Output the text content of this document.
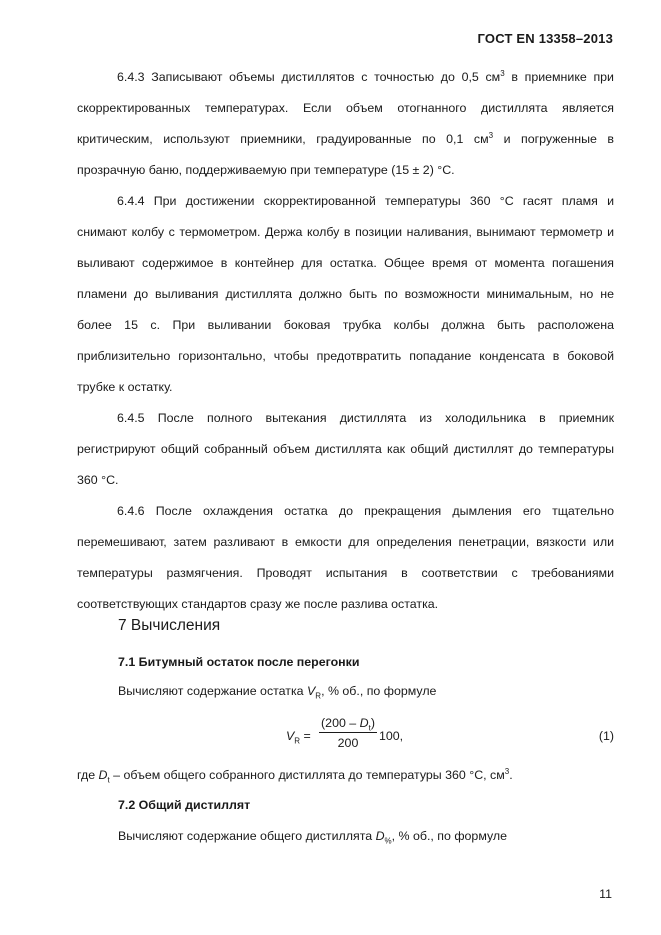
ГОСТ EN 13358–2013

6.4.3 Записывают объемы дистиллятов с точностью до 0,5 $см^3$ в приемнике при скорректированных температурах. Если объем отогнанного дистиллята является критическим, используют приемники, градуированные по 0,1 $см^3$ и погруженные в прозрачную баню, поддерживаемую при температуре (15 ± 2) °С.

6.4.4 При достижении скорректированной температуры 360 °С гасят пламя и снимают колбу с термометром. Держа колбу в позиции наливания, вынимают термометр и выливают содержимое в контейнер для остатка. Общее время от момента погашения пламени до выливания дистиллята должно быть по возможности минимальным, но не более 15 с. При выливании боковая трубка колбы должна быть расположена приблизительно горизонтально, чтобы предотвратить попадание конденсата в боковой трубке к остатку.

6.4.5 После полного вытекания дистиллята из холодильника в приемник регистрируют общий собранный объем дистиллята как общий дистиллят до температуры 360 °С.

6.4.6 После охлаждения остатка до прекращения дымления его тщательно перемешивают, затем разливают в емкости для определения пенетрации, вязкости или температуры размягчения. Проводят испытания в соответствии с требованиями соответствующих стандартов сразу же после разлива остатка.

7 Вычисления
7.1 Битумный остаток после перегонки
Вычисляют содержание остатка $V_R$, % об., по формуле
$V_R$ =
$(200 - D_t)$
200	100,	(1)
где $D_t$ – объем общего собранного дистиллята до температуры 360 °С, $см^3$.
7.2 Общий дистиллят
Вычисляют содержание общего дистиллята $D_{\%}$, % об., по формуле
11
